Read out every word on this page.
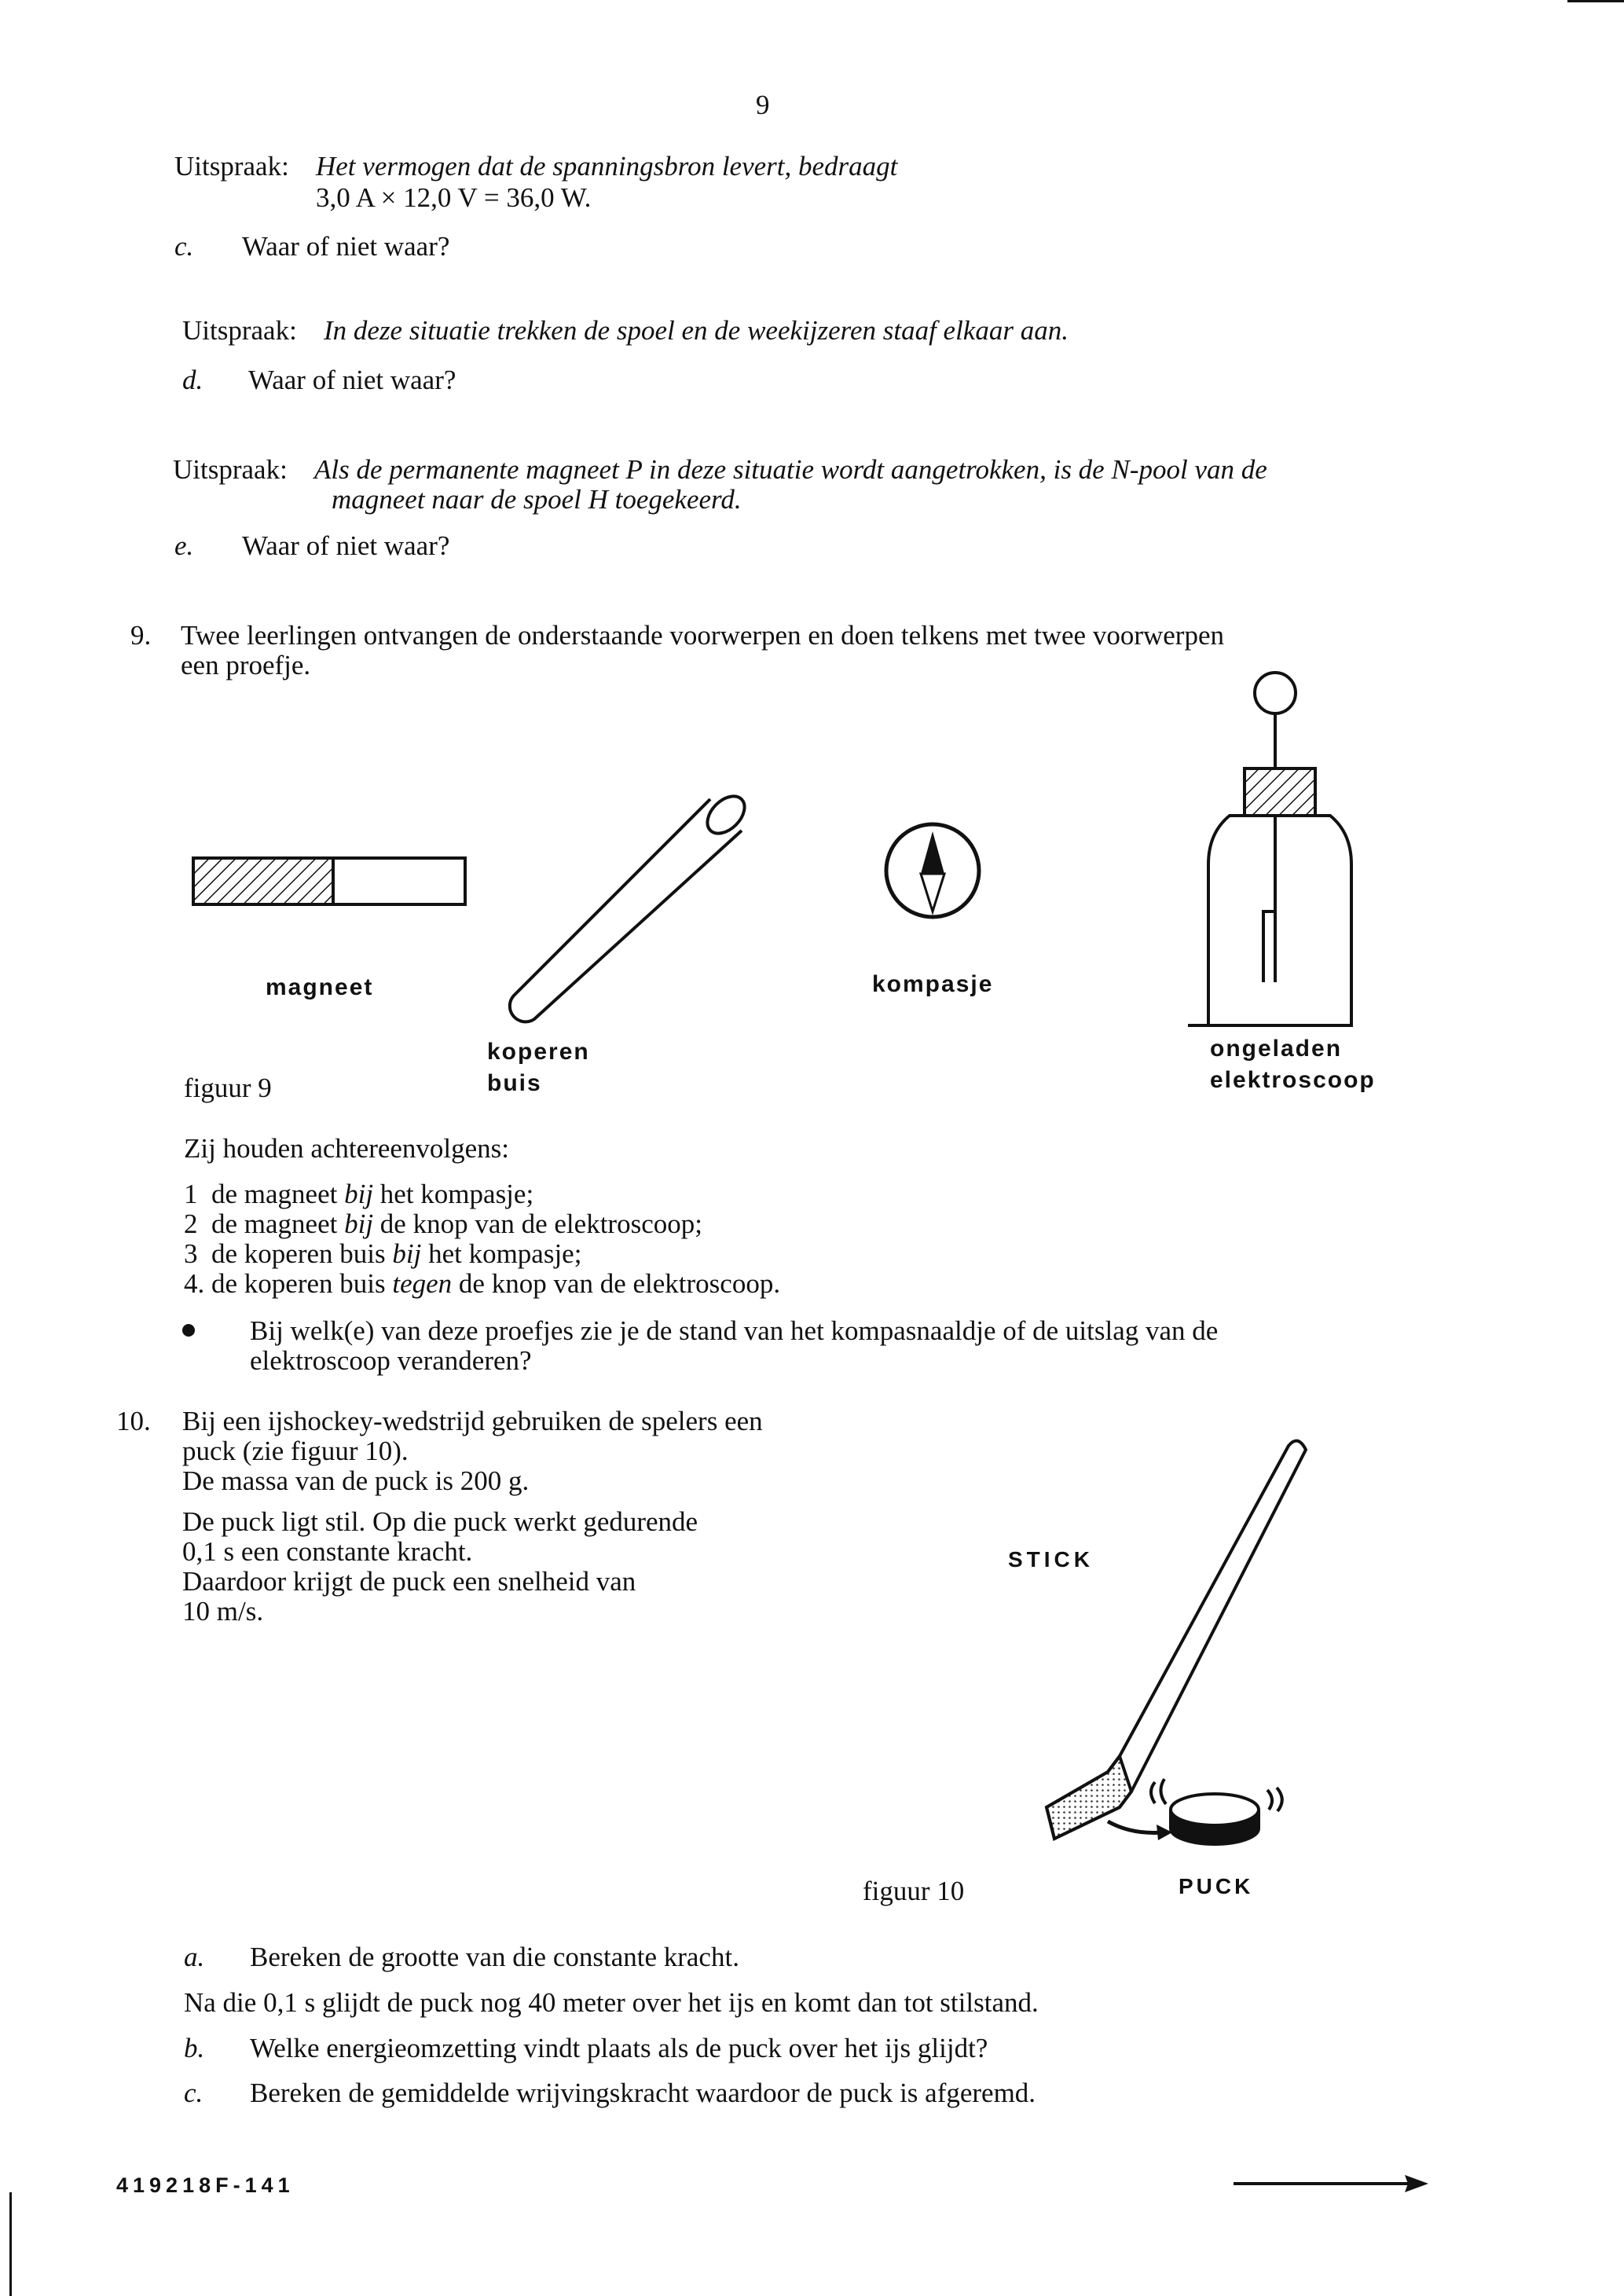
9
Uitspraak: Het vermogen dat de spanningsbron levert, bedraagt
3,0 A × 12,0 V = 36,0 W.
c. Waar of niet waar?
Uitspraak: In deze situatie trekken de spoel en de weekijzeren staaf elkaar aan.
d. Waar of niet waar?
Uitspraak: Als de permanente magneet P in deze situatie wordt aangetrokken, is de N-pool van de
magneet naar de spoel H toegekeerd.
e. Waar of niet waar?
9. Twee leerlingen ontvangen de onderstaande voorwerpen en doen telkens met twee voorwerpen
een proefje.
magneet
koperen
buis
kompasje
ongeladen
elektroscoop
figuur 9
Zij houden achtereenvolgens:
1 de magneet bij het kompasje;
2 de magneet bij de knop van de elektroscoop;
3 de koperen buis bij het kompasje;
4. de koperen buis tegen de knop van de elektroscoop.
Bij welk(e) van deze proefjes zie je de stand van het kompasnaaldje of de uitslag van de
elektroscoop veranderen?
10. Bij een ijshockey-wedstrijd gebruiken de spelers een
puck (zie figuur 10).
De massa van de puck is 200 g.
De puck ligt stil. Op die puck werkt gedurende
0,1 s een constante kracht.
Daardoor krijgt de puck een snelheid van
10 m/s.
STICK
PUCK
figuur 10
a. Bereken de grootte van die constante kracht.
Na die 0,1 s glijdt de puck nog 40 meter over het ijs en komt dan tot stilstand.
b. Welke energieomzetting vindt plaats als de puck over het ijs glijdt?
c. Bereken de gemiddelde wrijvingskracht waardoor de puck is afgeremd.
419218F-141
